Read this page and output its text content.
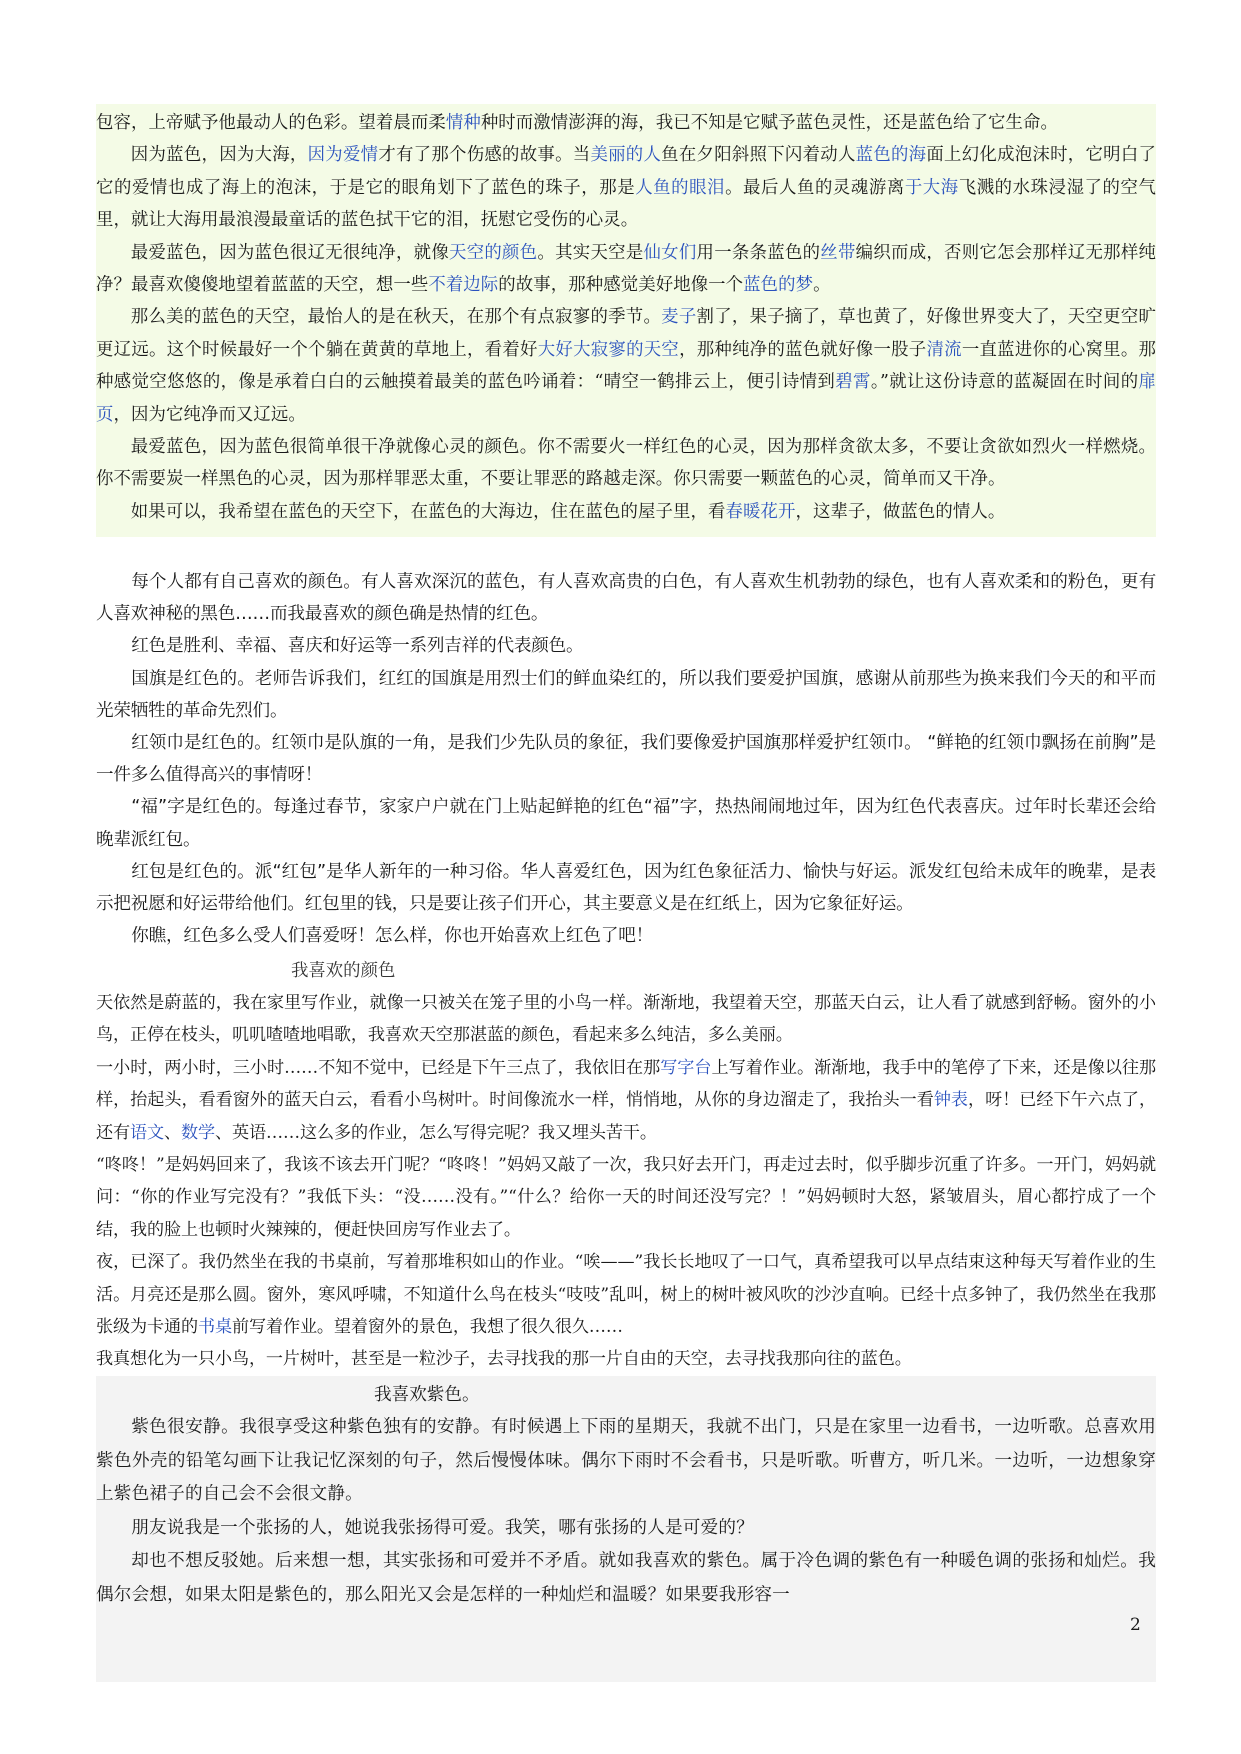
包容，上帝赋予他最动人的色彩。望着晨而柔情种种时而激情澎湃的海，我已不知是它赋予蓝色灵性，还是蓝色给了它生命。

因为蓝色，因为大海，因为爱情才有了那个伤感的故事。当美丽的人鱼在夕阳斜照下闪着动人蓝色的海面上幻化成泡沫时，它明白了它的爱情也成了海上的泡沫，于是它的眼角划下了蓝色的珠子，那是人鱼的眼泪。最后人鱼的灵魂游离于大海飞溅的水珠浸湿了的空气里，就让大海用最浪漫最童话的蓝色拭干它的泪，抚慰它受伤的心灵。

最爱蓝色，因为蓝色很辽无很纯净，就像天空的颜色。其实天空是仙女们用一条条蓝色的丝带编织而成，否则它怎会那样辽无那样纯净？最喜欢傻傻地望着蓝蓝的天空，想一些不着边际的故事，那种感觉美好地像一个蓝色的梦。

那么美的蓝色的天空，最怡人的是在秋天，在那个有点寂寥的季节。麦子割了，果子摘了，草也黄了，好像世界变大了，天空更空旷更辽远。这个时候最好一个个躺在黄黄的草地上，看着好大好大寂寥的天空，那种纯净的蓝色就好像一股子清流一直蓝进你的心窝里。那种感觉空悠悠的，像是承着白白的云触摸着最美的蓝色吟诵着：“晴空一鹤排云上，便引诗情到碧霄。”就让这份诗意的蓝凝固在时间的扉页，因为它纯净而又辽远。

最爱蓝色，因为蓝色很简单很干净就像心灵的颜色。你不需要火一样红色的心灵，因为那样贪欲太多，不要让贪欲如烈火一样燃烧。你不需要炭一样黑色的心灵，因为那样罪恶太重，不要让罪恶的路越走深。你只需要一颗蓝色的心灵，简单而又干净。

如果可以，我希望在蓝色的天空下，在蓝色的大海边，住在蓝色的屋子里，看春暖花开，这辈子，做蓝色的情人。

每个人都有自己喜欢的颜色。有人喜欢深沉的蓝色，有人喜欢高贵的白色，有人喜欢生机勃勃的绿色，也有人喜欢柔和的粉色，更有人喜欢神秘的黑色……而我最喜欢的颜色确是热情的红色。

红色是胜利、幸福、喜庆和好运等一系列吉祥的代表颜色。

国旗是红色的。老师告诉我们，红红的国旗是用烈士们的鲜血染红的，所以我们要爱护国旗，感谢从前那些为换来我们今天的和平而光荣牺牲的革命先烈们。

红领巾是红色的。红领巾是队旗的一角，是我们少先队员的象征，我们要像爱护国旗那样爱护红领巾。 “鲜艳的红领巾飘扬在前胸”是一件多么值得高兴的事情呀！

“福”字是红色的。每逢过春节，家家户户就在门上贴起鲜艳的红色“福”字，热热闹闹地过年，因为红色代表喜庆。过年时长辈还会给晚辈派红包。

红包是红色的。派“红包”是华人新年的一种习俗。华人喜爱红色，因为红色象征活力、愉快与好运。派发红包给未成年的晚辈，是表示把祝愿和好运带给他们。红包里的钱，只是要让孩子们开心，其主要意义是在红纸上，因为它象征好运。

你瞧，红色多么受人们喜爱呀！怎么样，你也开始喜欢上红色了吧！

我喜欢的颜色

天依然是蔚蓝的，我在家里写作业，就像一只被关在笼子里的小鸟一样。渐渐地，我望着天空，那蓝天白云，让人看了就感到舒畅。窗外的小鸟，正停在枝头，叽叽喳喳地唱歌，我喜欢天空那湛蓝的颜色，看起来多么纯洁，多么美丽。

一小时，两小时，三小时……不知不觉中，已经是下午三点了，我依旧在那写字台上写着作业。渐渐地，我手中的笔停了下来，还是像以往那样，抬起头，看看窗外的蓝天白云，看看小鸟树叶。时间像流水一样，悄悄地，从你的身边溜走了，我抬头一看钟表，呀！已经下午六点了，还有语文、数学、英语……这么多的作业，怎么写得完呢？我又埋头苦干。

“咚咚！”是妈妈回来了，我该不该去开门呢？“咚咚！”妈妈又敲了一次，我只好去开门，再走过去时，似乎脚步沉重了许多。一开门，妈妈就问：“你的作业写完没有？”我低下头：“没……没有。”“什么？给你一天的时间还没写完？！”妈妈顿时大怒，紧皱眉头，眉心都拧成了一个结，我的脸上也顿时火辣辣的，便赶快回房写作业去了。

夜，已深了。我仍然坐在我的书桌前，写着那堆积如山的作业。“唉——”我长长地叹了一口气，真希望我可以早点结束这种每天写着作业的生活。月亮还是那么圆。窗外，寒风呼啸，不知道什么鸟在枝头“吱吱”乱叫，树上的树叶被风吹的沙沙直响。已经十点多钟了，我仍然坐在我那张级为卡通的书桌前写着作业。望着窗外的景色，我想了很久很久……

我真想化为一只小鸟，一片树叶，甚至是一粒沙子，去寻找我的那一片自由的天空，去寻找我那向往的蓝色。

我喜欢紫色。

紫色很安静。我很享受这种紫色独有的安静。有时候遇上下雨的星期天，我就不出门，只是在家里一边看书，一边听歌。总喜欢用紫色外壳的铅笔勾画下让我记忆深刻的句子，然后慢慢体味。偶尔下雨时不会看书，只是听歌。听曹方，听几米。一边听，一边想象穿上紫色裙子的自己会不会很文静。

朋友说我是一个张扬的人，她说我张扬得可爱。我笑，哪有张扬的人是可爱的？

却也不想反驳她。后来想一想，其实张扬和可爱并不矛盾。就如我喜欢的紫色。属于冷色调的紫色有一种暖色调的张扬和灿烂。我偶尔会想，如果太阳是紫色的，那么阳光又会是怎样的一种灿烂和温暖？如果要我形容一

2
